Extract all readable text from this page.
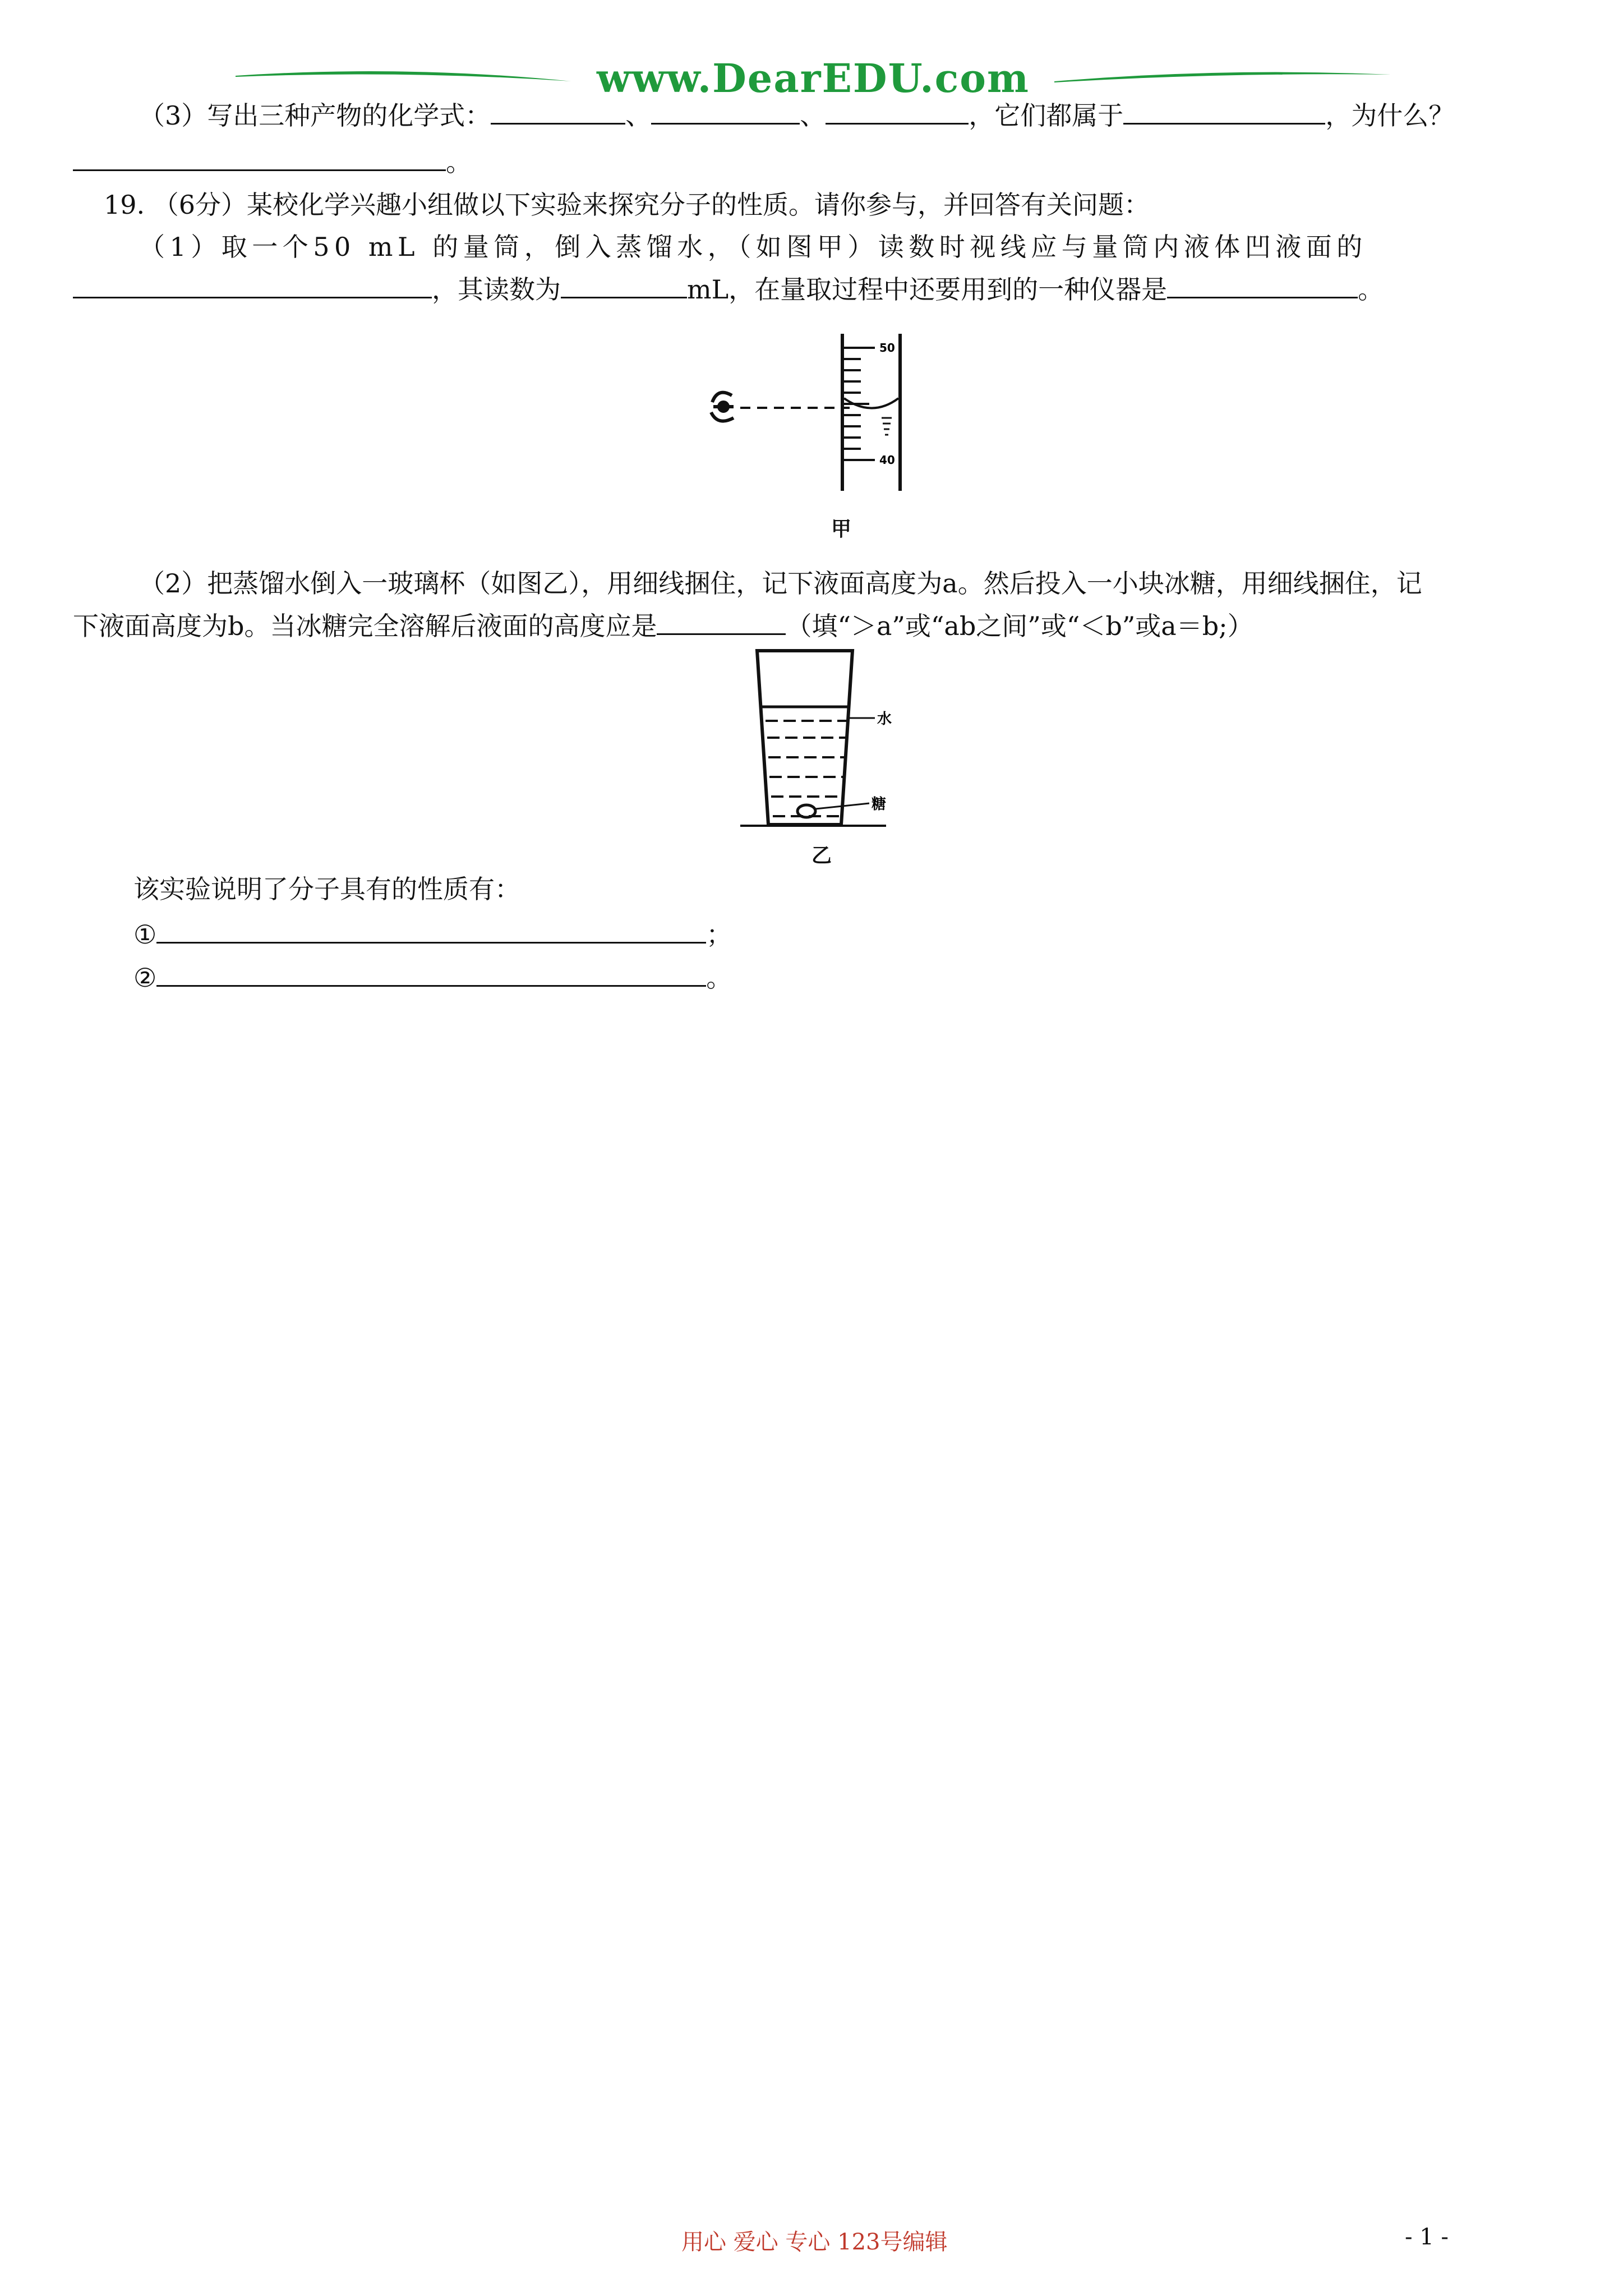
www.DearEDU.com
（3）写出三种产物的化学式：	、	、	，它们都属于	，为什么？
。
19. （6分）某校化学兴趣小组做以下实验来探究分子的性质。请你参与，并回答有关问题：
（1）取一个50 mL 的量筒，倒入蒸馏水，（如图甲）读数时视线应与量筒内液体凹液面的
，其读数为	mL，在量取过程中还要用到的一种仪器是	。
50
40
甲
（2）把蒸馏水倒入一玻璃杯（如图乙），用细线捆住，记下液面高度为a。然后投入一小块冰糖，用细线捆住，记
下液面高度为b。当冰糖完全溶解后液面的高度应是	（填“＞a”或“ab之间”或“＜b”或a＝b;）
水
糖
乙
该实验说明了分子具有的性质有：
①	；
②	。
用心 爱心 专心 123号编辑	- 1 -
